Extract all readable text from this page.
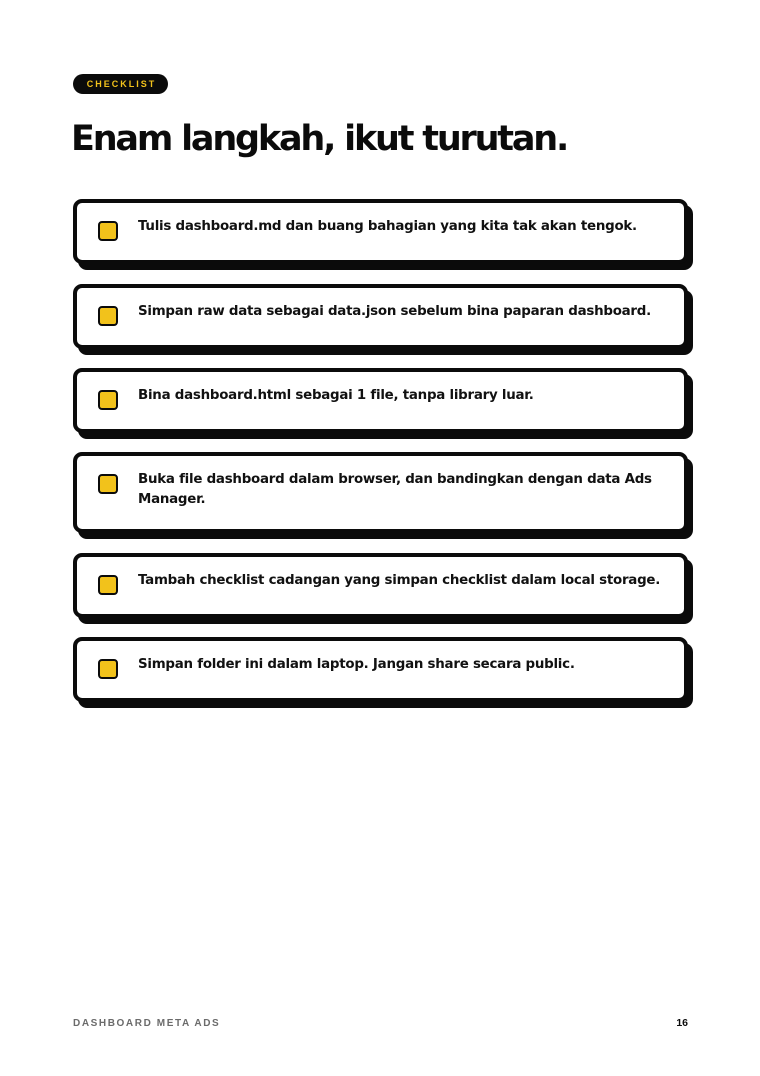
CHECKLIST
Enam langkah, ikut turutan.
Tulis dashboard.md dan buang bahagian yang kita tak akan tengok.
Simpan raw data sebagai data.json sebelum bina paparan dashboard.
Bina dashboard.html sebagai 1 file, tanpa library luar.
Buka file dashboard dalam browser, dan bandingkan dengan data Ads Manager.
Tambah checklist cadangan yang simpan checklist dalam local storage.
Simpan folder ini dalam laptop. Jangan share secara public.
DASHBOARD META ADS	16
